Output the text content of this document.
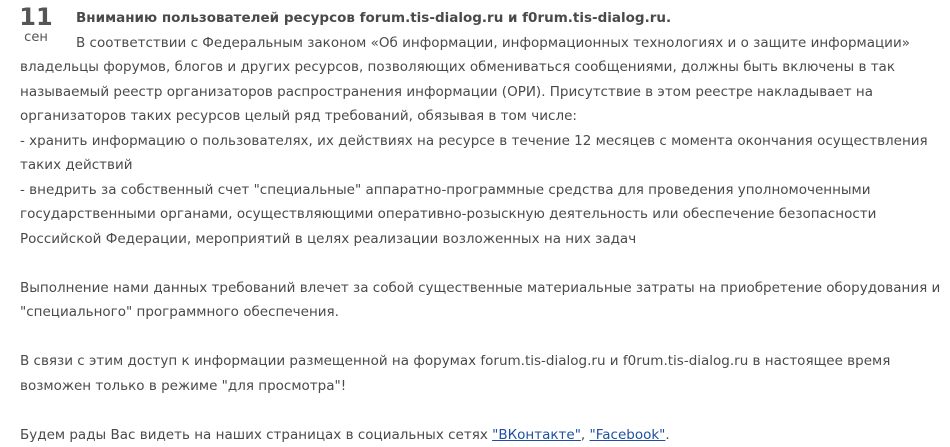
11
сен
Вниманию пользователей ресурсов forum.tis-dialog.ru и f0rum.tis-dialog.ru.

В соответствии с Федеральным законом «Об информации, информационных технологиях и о защите информации» владельцы форумов, блогов и других ресурсов, позволяющих обмениваться сообщениями, должны быть включены в так называемый реестр организаторов распространения информации (ОРИ). Присутствие в этом реестре накладывает на организаторов таких ресурсов целый ряд требований, обязывая в том числе:

- хранить информацию о пользователях, их действиях на ресурсе в течение 12 месяцев с момента окончания осуществления таких действий

- внедрить за собственный счет "специальные" аппаратно-программные средства для проведения уполномоченными государственными органами, осуществляющими оперативно-розыскную деятельность или обеспечение безопасности Российской Федерации, мероприятий в целях реализации возложенных на них задач

Выполнение нами данных требований влечет за собой существенные материальные затраты на приобретение оборудования и "специального" программного обеспечения.

В связи с этим доступ к информации размещенной на форумах forum.tis-dialog.ru и f0rum.tis-dialog.ru в настоящее время возможен только в режиме "для просмотра"!

Будем рады Вас видеть на наших страницах в социальных сетях "ВКонтакте", "Facebook".
